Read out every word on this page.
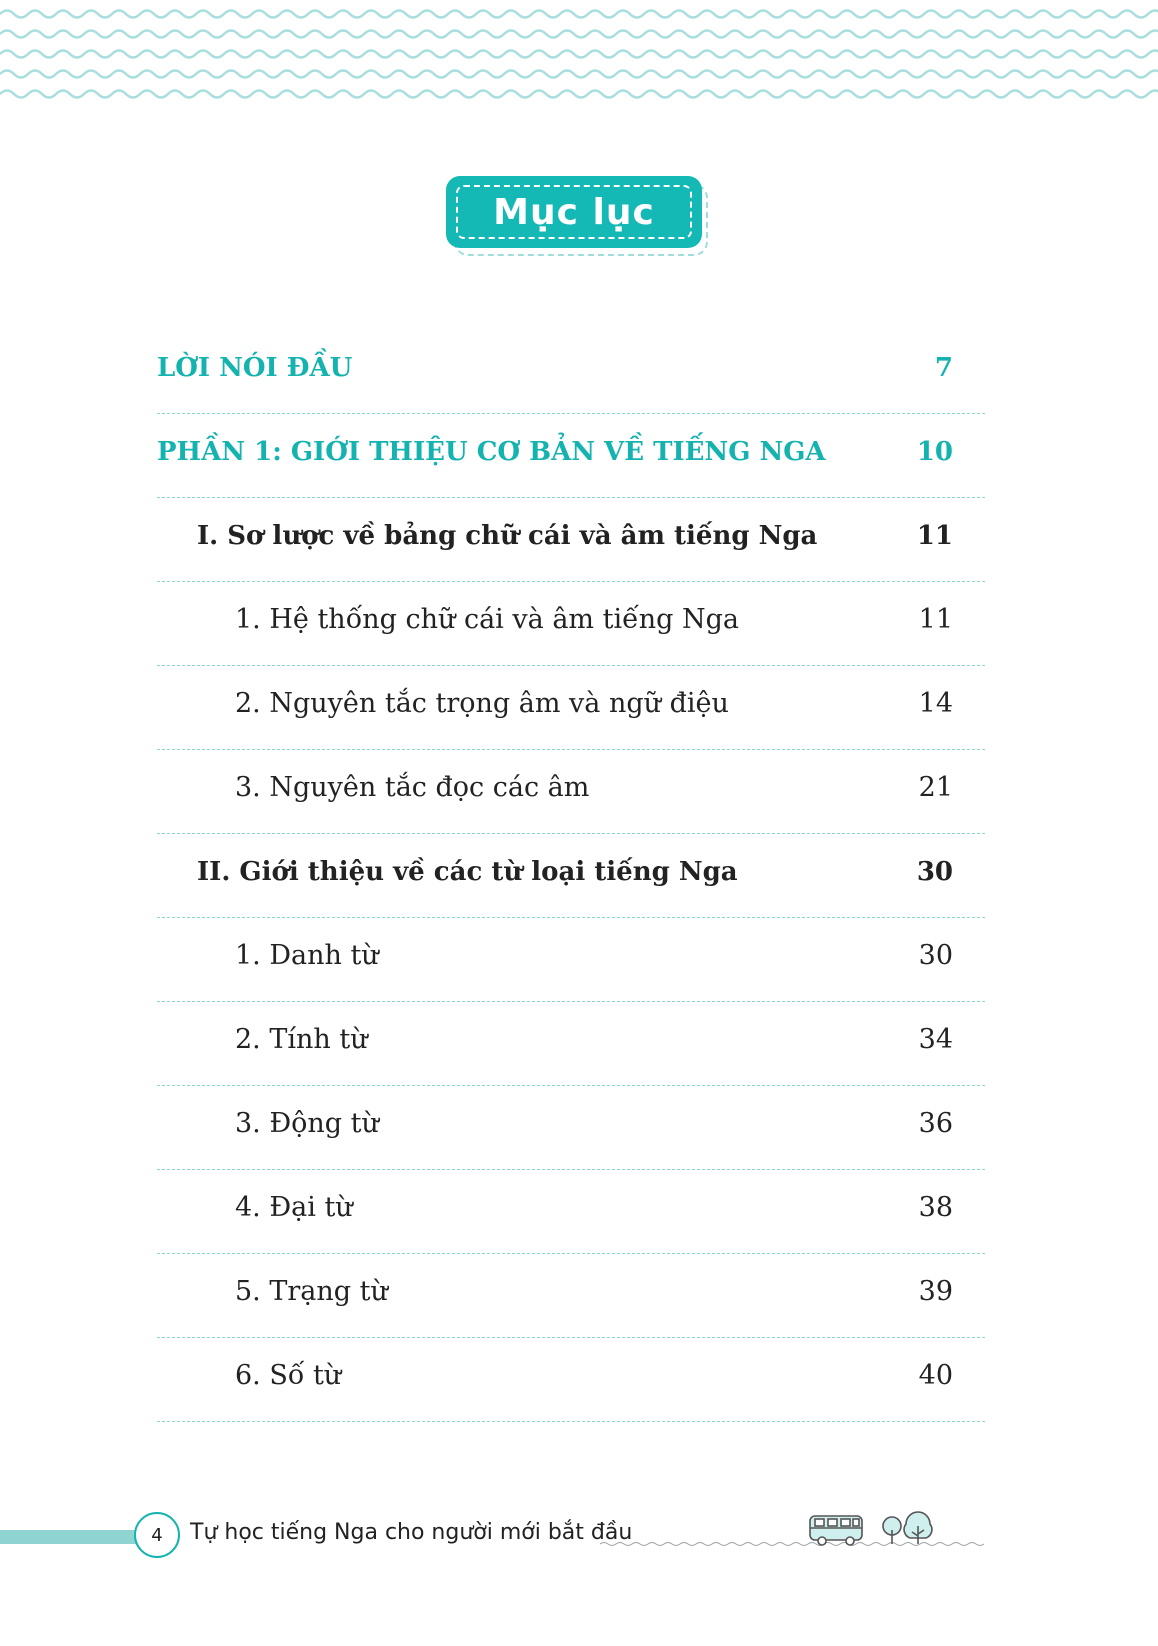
Mục lục
LỜI NÓI ĐẦU	7
PHẦN 1: GIỚI THIỆU CƠ BẢN VỀ TIẾNG NGA	10
I. Sơ lược về bảng chữ cái và âm tiếng Nga	11
1. Hệ thống chữ cái và âm tiếng Nga	11
2. Nguyên tắc trọng âm và ngữ điệu	14
3. Nguyên tắc đọc các âm	21
II. Giới thiệu về các từ loại tiếng Nga	30
1. Danh từ	30
2. Tính từ	34
3. Động từ	36
4. Đại từ	38
5. Trạng từ	39
6. Số từ	40
4 Tự học tiếng Nga cho người mới bắt đầu
